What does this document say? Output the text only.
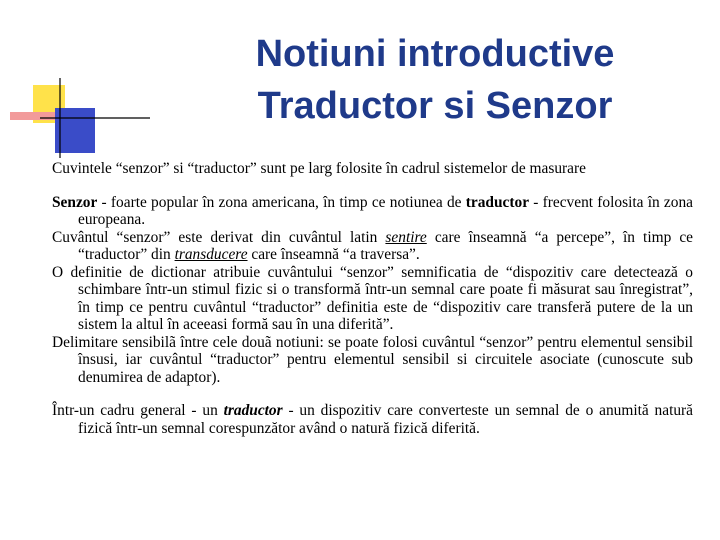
Notiuni introductive
Traductor si Senzor

Cuvintele “senzor” si “traductor” sunt pe larg folosite în cadrul sistemelor de masurare

Senzor - foarte popular în zona americana, în timp ce notiunea de traductor - frecvent folosita în zona europeana.

Cuvântul “senzor” este derivat din cuvântul latin sentire care înseamnă “a percepe”, în timp ce “traductor” din transducere care înseamnă “a traversa”.

O definitie de dictionar atribuie cuvântului “senzor” semnificatia de “dispozitiv care detectează o schimbare într-un stimul fizic si o transformă într-un semnal care poate fi măsurat sau înregistrat”, în timp ce pentru cuvântul “traductor” definitia este de “dispozitiv care transferă putere de la un sistem la altul în aceeasi formă sau în una diferită”.

Delimitare sensibilã între cele douã notiuni: se poate folosi cuvântul “senzor” pentru elementul sensibil însusi, iar cuvântul “traductor” pentru elementul sensibil si circuitele asociate (cunoscute sub denumirea de adaptor).

Într-un cadru general - un traductor - un dispozitiv care converteste un semnal de o anumită natură fizică într-un semnal corespunzător având o natură fizică diferită.
